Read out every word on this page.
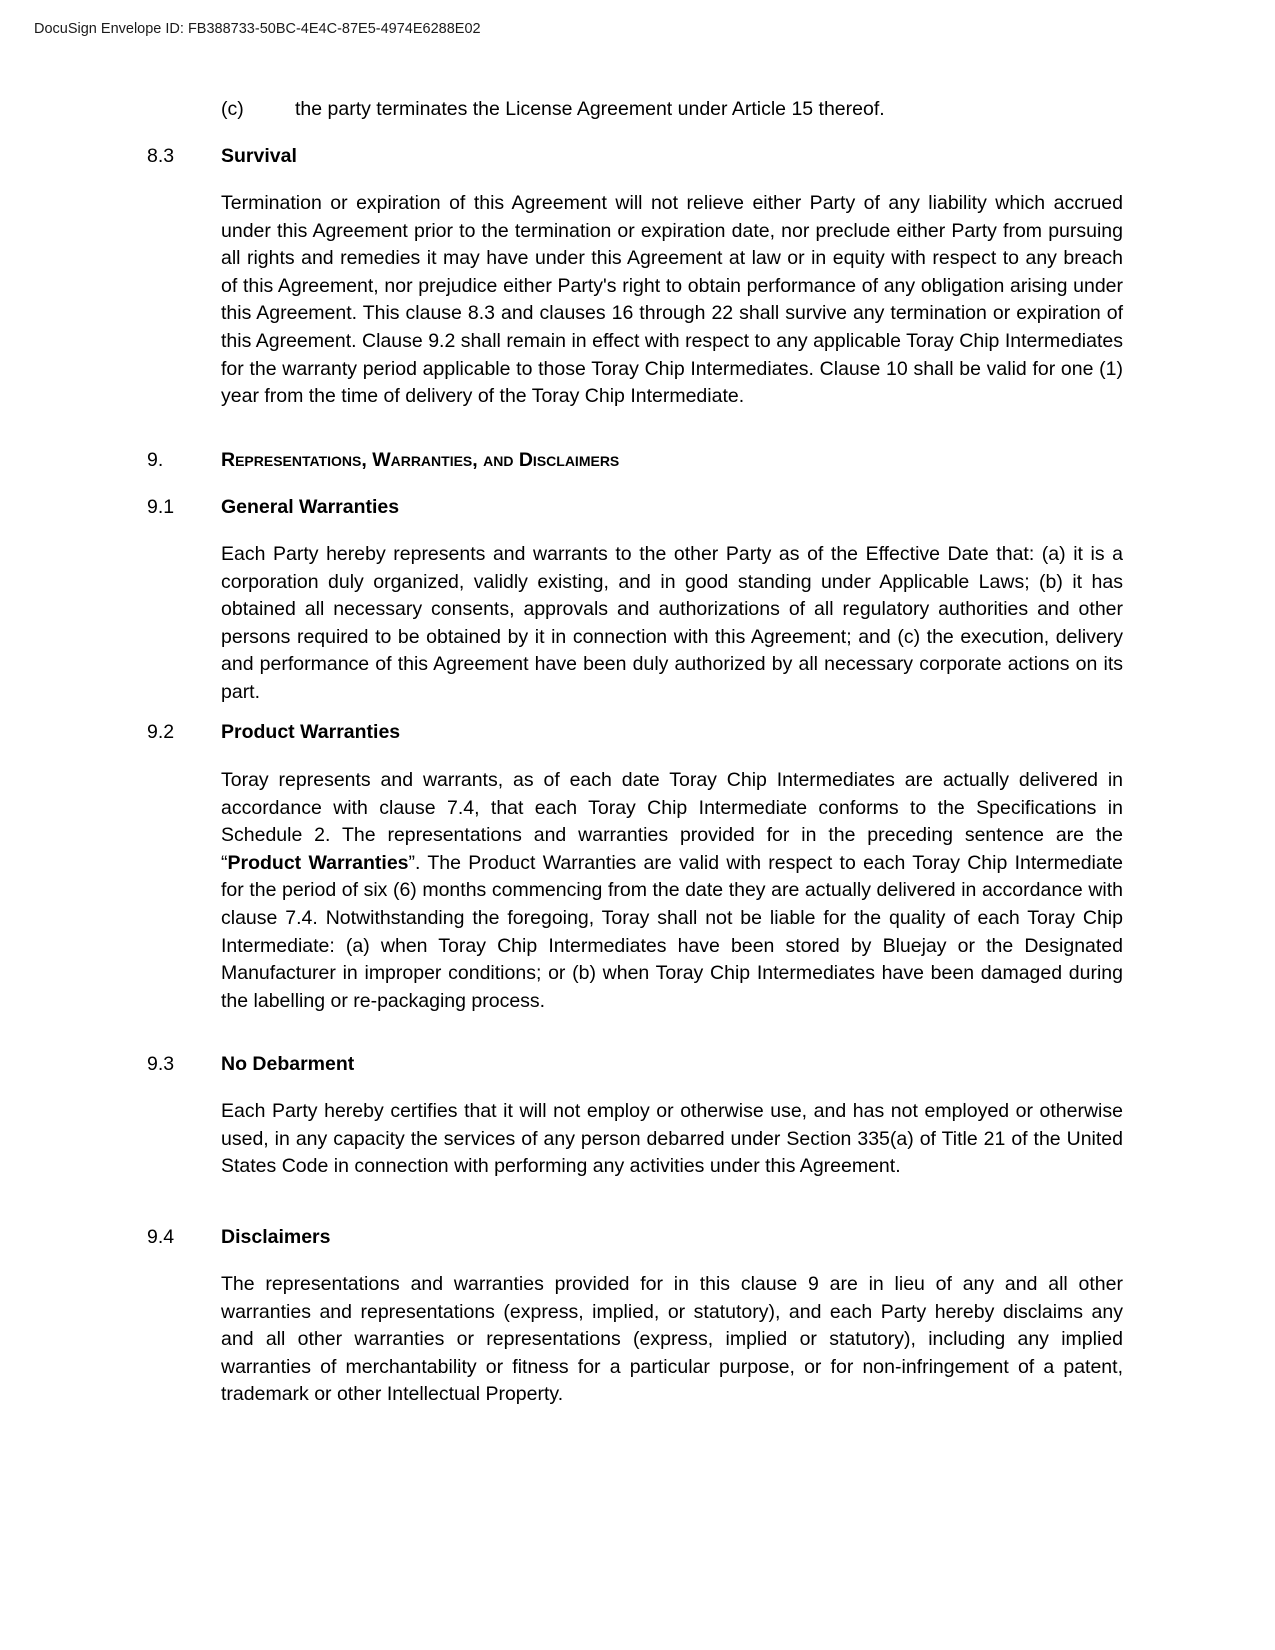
DocuSign Envelope ID: FB388733-50BC-4E4C-87E5-4974E6288E02
(c)	the party terminates the License Agreement under Article 15 thereof.
8.3 Survival

Termination or expiration of this Agreement will not relieve either Party of any liability which accrued under this Agreement prior to the termination or expiration date, nor preclude either Party from pursuing all rights and remedies it may have under this Agreement at law or in equity with respect to any breach of this Agreement, nor prejudice either Party's right to obtain performance of any obligation arising under this Agreement. This clause 8.3 and clauses 16 through 22 shall survive any termination or expiration of this Agreement. Clause 9.2 shall remain in effect with respect to any applicable Toray Chip Intermediates for the warranty period applicable to those Toray Chip Intermediates. Clause 10 shall be valid for one (1) year from the time of delivery of the Toray Chip Intermediate.

9.	Representations, Warranties, and Disclaimers
9.1 General Warranties

Each Party hereby represents and warrants to the other Party as of the Effective Date that: (a) it is a corporation duly organized, validly existing, and in good standing under Applicable Laws; (b) it has obtained all necessary consents, approvals and authorizations of all regulatory authorities and other persons required to be obtained by it in connection with this Agreement; and (c) the execution, delivery and performance of this Agreement have been duly authorized by all necessary corporate actions on its part.

9.2 Product Warranties

Toray represents and warrants, as of each date Toray Chip Intermediates are actually delivered in accordance with clause 7.4, that each Toray Chip Intermediate conforms to the Specifications in Schedule 2. The representations and warranties provided for in the preceding sentence are the “Product Warranties”. The Product Warranties are valid with respect to each Toray Chip Intermediate for the period of six (6) months commencing from the date they are actually delivered in accordance with clause 7.4. Notwithstanding the foregoing, Toray shall not be liable for the quality of each Toray Chip Intermediate: (a) when Toray Chip Intermediates have been stored by Bluejay or the Designated Manufacturer in improper conditions; or (b) when Toray Chip Intermediates have been damaged during the labelling or re-packaging process.

9.3 No Debarment

Each Party hereby certifies that it will not employ or otherwise use, and has not employed or otherwise used, in any capacity the services of any person debarred under Section 335(a) of Title 21 of the United States Code in connection with performing any activities under this Agreement.

9.4 Disclaimers

The representations and warranties provided for in this clause 9 are in lieu of any and all other warranties and representations (express, implied, or statutory), and each Party hereby disclaims any and all other warranties or representations (express, implied or statutory), including any implied warranties of merchantability or fitness for a particular purpose, or for non-infringement of a patent, trademark or other Intellectual Property.
